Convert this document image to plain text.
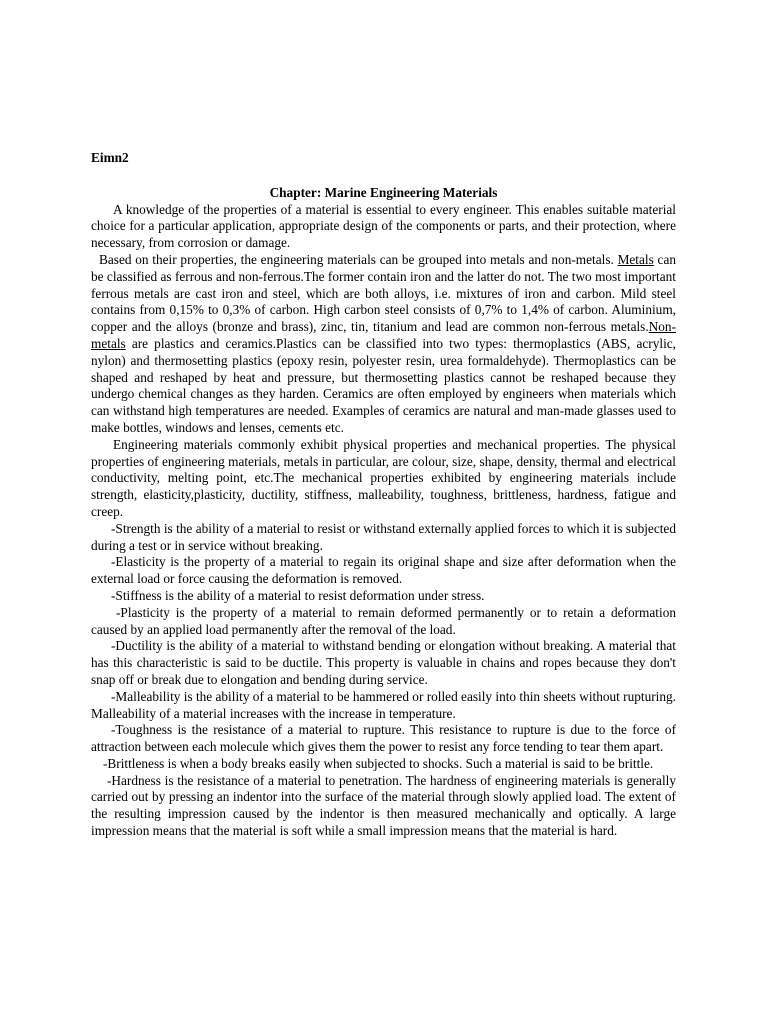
Eimn2
Chapter: Marine Engineering Materials

A knowledge of the properties of a material is essential to every engineer. This enables suitable material choice for a particular application, appropriate design of the components or parts, and their protection, where necessary, from corrosion or damage.

Based on their properties, the engineering materials can be grouped into metals and non-metals. Metals can be classified as ferrous and non-ferrous.The former contain iron and the latter do not. The two most important ferrous metals are cast iron and steel, which are both alloys, i.e. mixtures of iron and carbon. Mild steel contains from 0,15% to 0,3% of carbon. High carbon steel consists of 0,7% to 1,4% of carbon. Aluminium, copper and the alloys (bronze and brass), zinc, tin, titanium and lead are common non-ferrous metals.Non-metals are plastics and ceramics.Plastics can be classified into two types: thermoplastics (ABS, acrylic, nylon) and thermosetting plastics (epoxy resin, polyester resin, urea formaldehyde). Thermoplastics can be shaped and reshaped by heat and pressure, but thermosetting plastics cannot be reshaped because they undergo chemical changes as they harden. Ceramics are often employed by engineers when materials which can withstand high temperatures are needed. Examples of ceramics are natural and man-made glasses used to make bottles, windows and lenses, cements etc.

Engineering materials commonly exhibit physical properties and mechanical properties. The physical properties of engineering materials, metals in particular, are colour, size, shape, density, thermal and electrical conductivity, melting point, etc.The mechanical properties exhibited by engineering materials include strength, elasticity,plasticity, ductility, stiffness, malleability, toughness, brittleness, hardness, fatigue and creep.

-Strength is the ability of a material to resist or withstand externally applied forces to which it is subjected during a test or in service without breaking.

-Elasticity is the property of a material to regain its original shape and size after deformation when the external load or force causing the deformation is removed.

-Stiffness is the ability of a material to resist deformation under stress.

-Plasticity is the property of a material to remain deformed permanently or to retain a deformation caused by an applied load permanently after the removal of the load.

-Ductility is the ability of a material to withstand bending or elongation without breaking. A material that has this characteristic is said to be ductile. This property is valuable in chains and ropes because they don't snap off or break due to elongation and bending during service.

-Malleability is the ability of a material to be hammered or rolled easily into thin sheets without rupturing. Malleability of a material increases with the increase in temperature.

-Toughness is the resistance of a material to rupture. This resistance to rupture is due to the force of attraction between each molecule which gives them the power to resist any force tending to tear them apart.

-Brittleness is when a body breaks easily when subjected to shocks. Such a material is said to be brittle.

-Hardness is the resistance of a material to penetration. The hardness of engineering materials is generally carried out by pressing an indentor into the surface of the material through slowly applied load. The extent of the resulting impression caused by the indentor is then measured mechanically and optically. A large impression means that the material is soft while a small impression means that the material is hard.
